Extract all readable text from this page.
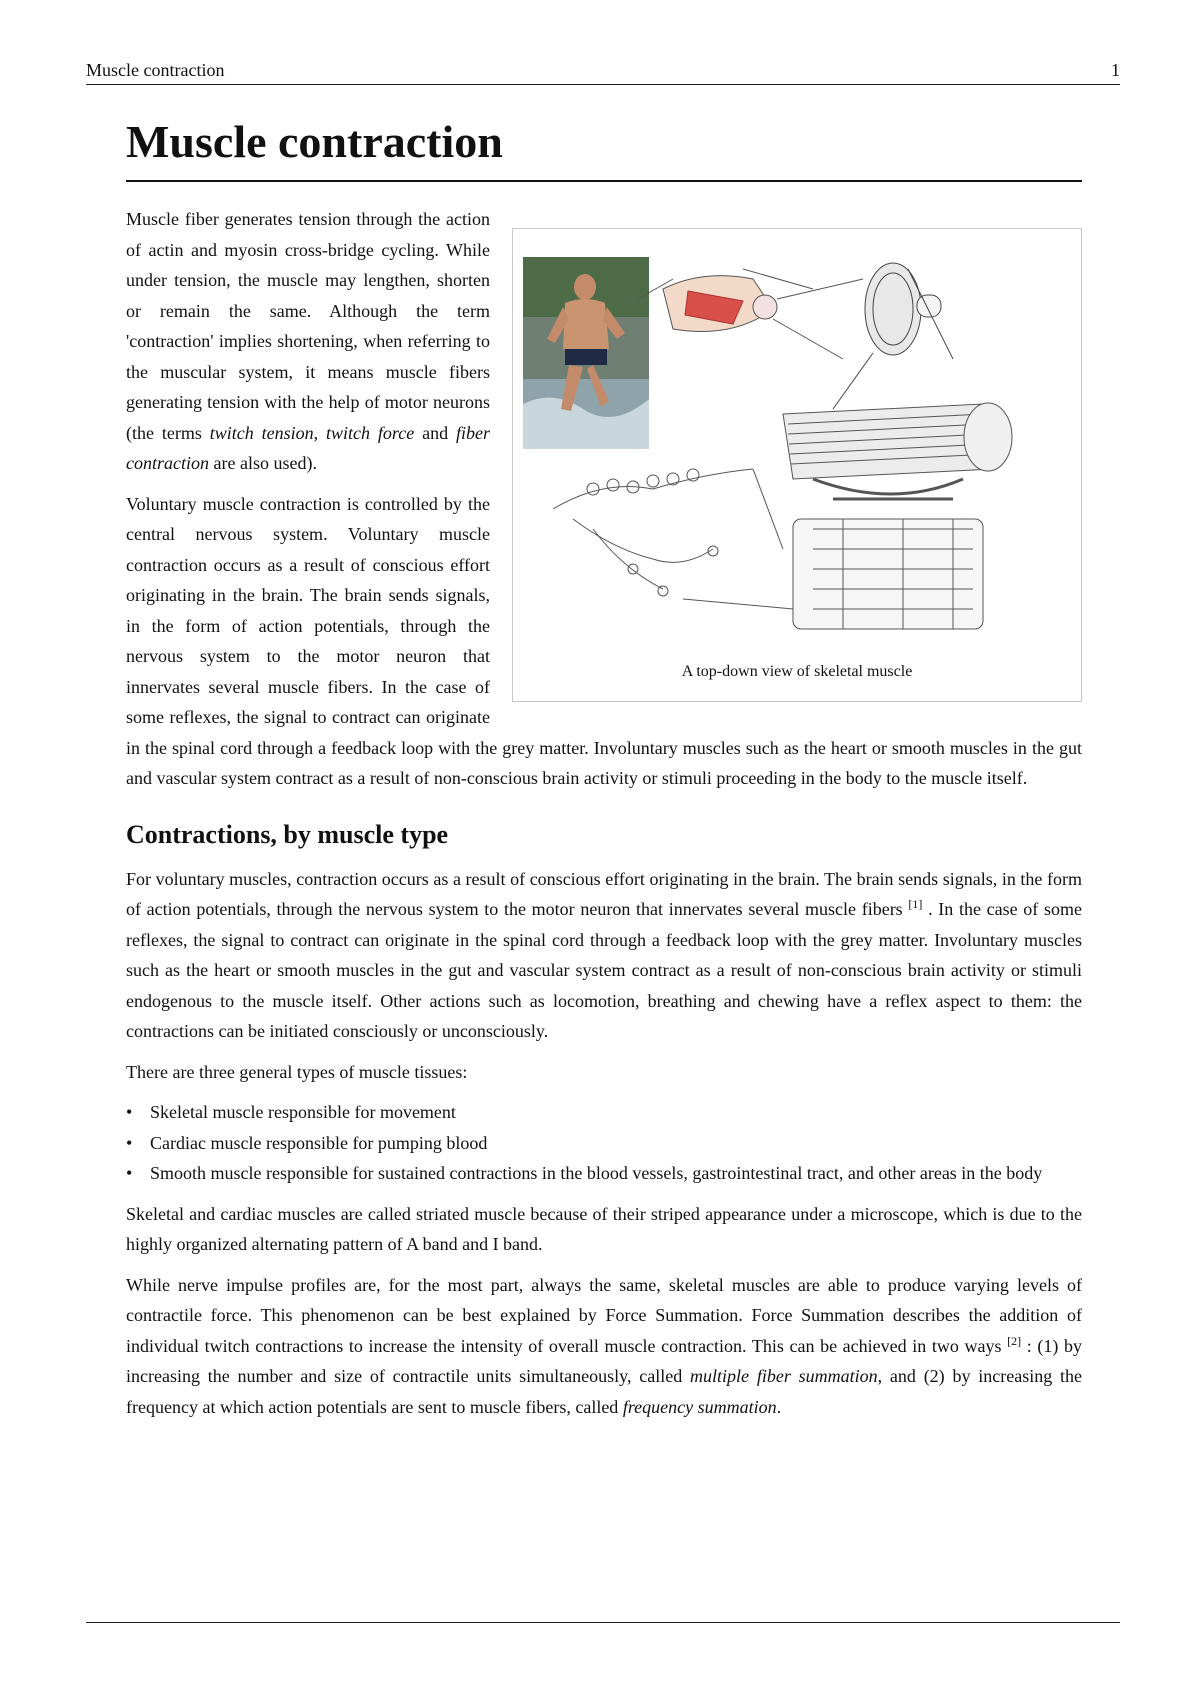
Muscle contraction	1
Muscle contraction
A top-down view of skeletal muscle

Muscle fiber generates tension through the action of actin and myosin cross-bridge cycling. While under tension, the muscle may lengthen, shorten or remain the same. Although the term 'contraction' implies shortening, when referring to the muscular system, it means muscle fibers generating tension with the help of motor neurons (the terms twitch tension, twitch force and fiber contraction are also used).

Voluntary muscle contraction is controlled by the central nervous system. Voluntary muscle contraction occurs as a result of conscious effort originating in the brain. The brain sends signals, in the form of action potentials, through the nervous system to the motor neuron that innervates several muscle fibers. In the case of some reflexes, the signal to contract can originate in the spinal cord through a feedback loop with the grey matter. Involuntary muscles such as the heart or smooth muscles in the gut and vascular system contract as a result of non-conscious brain activity or stimuli proceeding in the body to the muscle itself.

Contractions, by muscle type

For voluntary muscles, contraction occurs as a result of conscious effort originating in the brain. The brain sends signals, in the form of action potentials, through the nervous system to the motor neuron that innervates several muscle fibers [1] . In the case of some reflexes, the signal to contract can originate in the spinal cord through a feedback loop with the grey matter. Involuntary muscles such as the heart or smooth muscles in the gut and vascular system contract as a result of non-conscious brain activity or stimuli endogenous to the muscle itself. Other actions such as locomotion, breathing and chewing have a reflex aspect to them: the contractions can be initiated consciously or unconsciously.

There are three general types of muscle tissues:

• Skeletal muscle responsible for movement
• Cardiac muscle responsible for pumping blood
• Smooth muscle responsible for sustained contractions in the blood vessels, gastrointestinal tract, and other areas in the body

Skeletal and cardiac muscles are called striated muscle because of their striped appearance under a microscope, which is due to the highly organized alternating pattern of A band and I band.

While nerve impulse profiles are, for the most part, always the same, skeletal muscles are able to produce varying levels of contractile force. This phenomenon can be best explained by Force Summation. Force Summation describes the addition of individual twitch contractions to increase the intensity of overall muscle contraction. This can be achieved in two ways [2] : (1) by increasing the number and size of contractile units simultaneously, called multiple fiber summation, and (2) by increasing the frequency at which action potentials are sent to muscle fibers, called frequency summation.
